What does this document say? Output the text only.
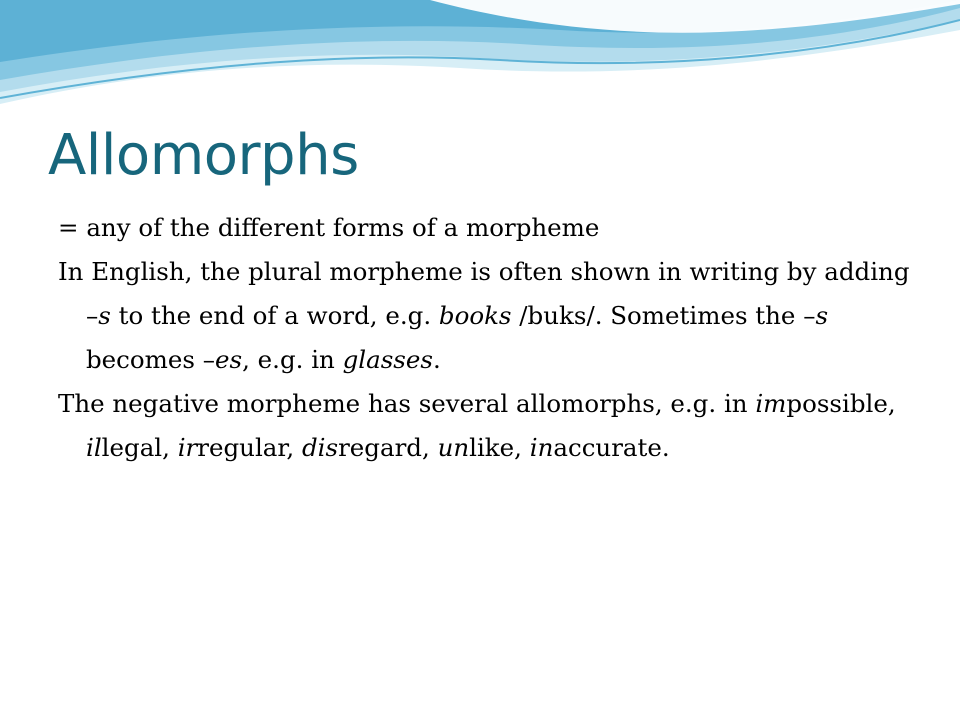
Allomorphs

= any of the different forms of a morpheme

In English, the plural morpheme is often shown in writing by adding –s to the end of a word, e.g. books /buks/. Sometimes the –s becomes –es, e.g. in glasses.

The negative morpheme has several allomorphs, e.g. in impossible, illegal, irregular, disregard, unlike, inaccurate.
